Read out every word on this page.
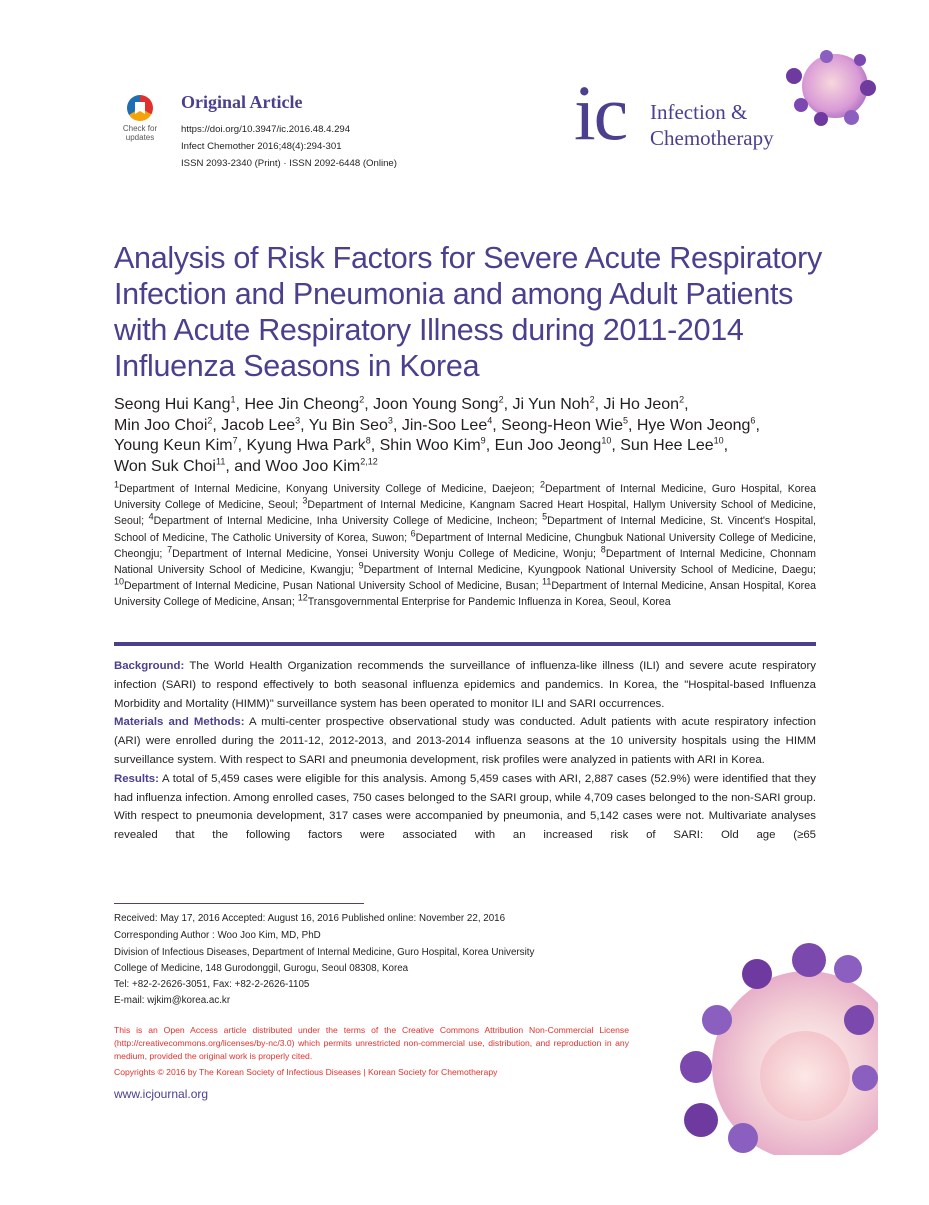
Check for
updates
Original Article
https://doi.org/10.3947/ic.2016.48.4.294
Infect Chemother 2016;48(4):294-301
ISSN 2093-2340 (Print) · ISSN 2092-6448 (Online)
ic Infection &
Chemotherapy
Analysis of Risk Factors for Severe Acute Respiratory
Infection and Pneumonia and among Adult Patients
with Acute Respiratory Illness during 2011-2014
Influenza Seasons in Korea
Seong Hui Kang$^1$, Hee Jin Cheong$^2$, Joon Young Song$^2$, Ji Yun Noh$^2$, Ji Ho Jeon$^2$,
Min Joo Choi$^2$, Jacob Lee$^3$, Yu Bin Seo$^3$, Jin-Soo Lee$^4$, Seong-Heon Wie$^5$, Hye Won Jeong$^6$,
Young Keun Kim$^7$, Kyung Hwa Park$^8$, Shin Woo Kim$^9$, Eun Joo Jeong$^{10}$, Sun Hee Lee$^{10}$,
Won Suk Choi$^{11}$, and Woo Joo Kim$^{2,12}$
$^1$Department of Internal Medicine, Konyang University College of Medicine, Daejeon; $^2$Department of Internal Medicine, Guro Hospital, Korea University College of Medicine, Seoul; $^3$Department of Internal Medicine, Kangnam Sacred Heart Hospital, Hallym University School of Medicine, Seoul; $^4$Department of Internal Medicine, Inha University College of Medicine, Incheon; $^5$Department of Internal Medicine, St. Vincent's Hospital, School of Medicine, The Catholic University of Korea, Suwon; $^6$Department of Internal Medicine, Chungbuk National University College of Medicine, Cheongju; $^7$Department of Internal Medicine, Yonsei University Wonju College of Medicine, Wonju; $^8$Department of Internal Medicine, Chonnam National University School of Medicine, Kwangju; $^9$Department of Internal Medicine, Kyungpook National University School of Medicine, Daegu; $^{10}$Department of Internal Medicine, Pusan National University School of Medicine, Busan; $^{11}$Department of Internal Medicine, Ansan Hospital, Korea University College of Medicine, Ansan; $^{12}$Transgovernmental Enterprise for Pandemic Influenza in Korea, Seoul, Korea
Background: The World Health Organization recommends the surveillance of influenza-like illness (ILI) and severe acute respiratory infection (SARI) to respond effectively to both seasonal influenza epidemics and pandemics. In Korea, the "Hospital-based Influenza Morbidity and Mortality (HIMM)" surveillance system has been operated to monitor ILI and SARI occurrences.
Materials and Methods: A multi-center prospective observational study was conducted. Adult patients with acute respiratory infection (ARI) were enrolled during the 2011-12, 2012-2013, and 2013-2014 influenza seasons at the 10 university hospitals using the HIMM surveillance system. With respect to SARI and pneumonia development, risk profiles were analyzed in patients with ARI in Korea.
Results: A total of 5,459 cases were eligible for this analysis. Among 5,459 cases with ARI, 2,887 cases (52.9%) were identified that they had influenza infection. Among enrolled cases, 750 cases belonged to the SARI group, while 4,709 cases belonged to the non-SARI group. With respect to pneumonia development, 317 cases were accompanied by pneumonia, and 5,142 cases were not. Multivariate analyses revealed that the following factors were associated with an increased risk of SARI: Old age (≥65
Received: May 17, 2016 Accepted: August 16, 2016 Published online: November 22, 2016
Corresponding Author : Woo Joo Kim, MD, PhD
Division of Infectious Diseases, Department of Internal Medicine, Guro Hospital, Korea University
College of Medicine, 148 Gurodonggil, Gurogu, Seoul 08308, Korea
Tel: +82-2-2626-3051, Fax: +82-2-2626-1105
E-mail: wjkim@korea.ac.kr
This is an Open Access article distributed under the terms of the Creative Commons Attribution Non-Commercial License (http://creativecommons.org/licenses/by-nc/3.0) which permits unrestricted non-commercial use, distribution, and reproduction in any medium, provided the original work is properly cited.
Copyrights © 2016 by The Korean Society of Infectious Diseases | Korean Society for Chemotherapy
www.icjournal.org
